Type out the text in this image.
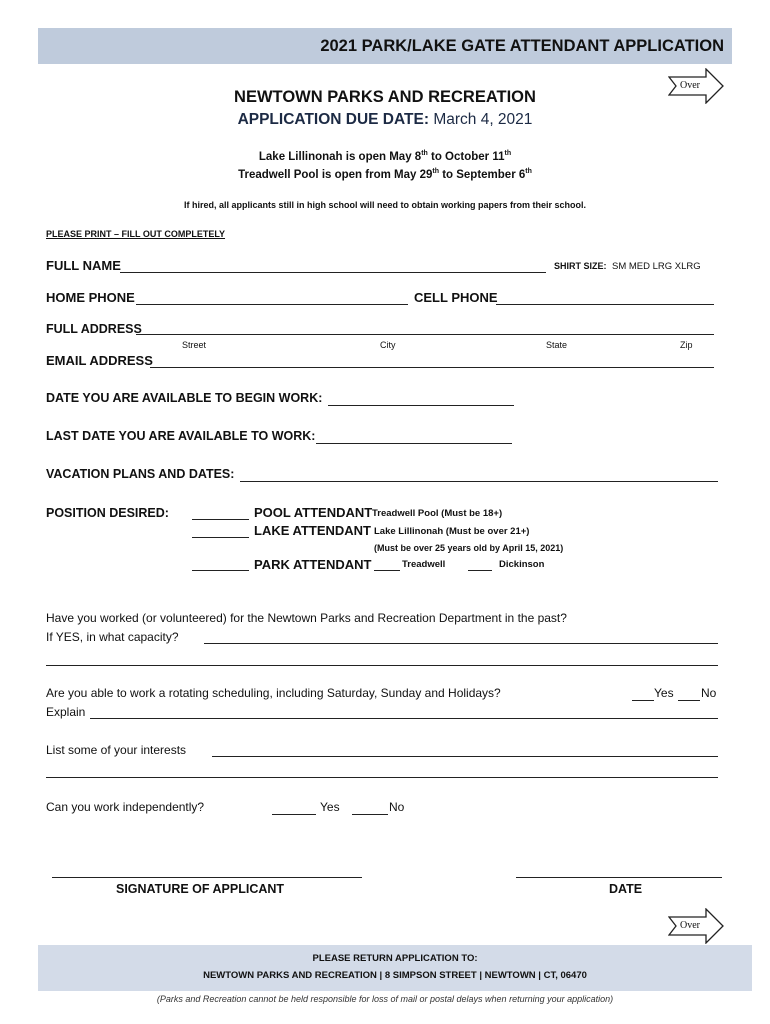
2021 PARK/LAKE GATE ATTENDANT APPLICATION
Over
NEWTOWN PARKS AND RECREATION
APPLICATION DUE DATE: March 4, 2021
Lake Lillinonah is open May 8th to October 11th
Treadwell Pool is open from May 29th to September 6th
If hired, all applicants still in high school will need to obtain working papers from their school.
PLEASE PRINT – FILL OUT COMPLETELY
FULL NAME	SHIRT SIZE: SM MED LRG XLRG
HOME PHONE	CELL PHONE
FULL ADDRESS
Street	City	State	Zip
EMAIL ADDRESS
DATE YOU ARE AVAILABLE TO BEGIN WORK:
LAST DATE YOU ARE AVAILABLE TO WORK:
VACATION PLANS AND DATES:
POSITION DESIRED:	POOL ATTENDANT Treadwell Pool (Must be 18+)
LAKE ATTENDANT Lake Lillinonah (Must be over 21+)
(Must be over 25 years old by April 15, 2021)
PARK ATTENDANT	Treadwell	Dickinson
Have you worked (or volunteered) for the Newtown Parks and Recreation Department in the past?
If YES, in what capacity?
Are you able to work a rotating scheduling, including Saturday, Sunday and Holidays?	Yes No
Explain
List some of your interests
Can you work independently?	Yes	No
SIGNATURE OF APPLICANT	DATE
Over
PLEASE RETURN APPLICATION TO:
NEWTOWN PARKS AND RECREATION | 8 SIMPSON STREET | NEWTOWN | CT, 06470
(Parks and Recreation cannot be held responsible for loss of mail or postal delays when returning your application)
